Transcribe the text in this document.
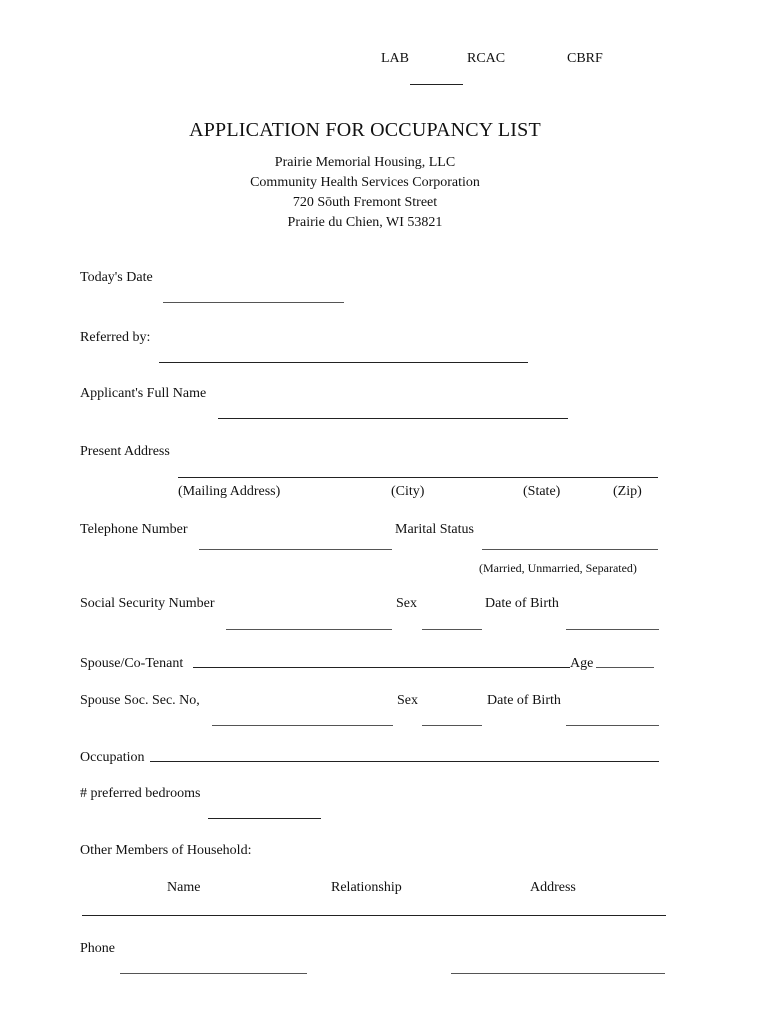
LAB	RCAC	CBRF
APPLICATION FOR OCCUPANCY LIST
Prairie Memorial Housing, LLC
Community Health Services Corporation
720 Sōuth Fremont Street
Prairie du Chien, WI 53821
Today's Date
Referred by:
Applicant's Full Name
Present Address
(Mailing Address)	(City)	(State)	(Zip)
Telephone Number	Marital Status
(Married, Unmarried, Separated)
Social Security Number	Sex	Date of Birth
Spouse/Co-Tenant	Age
Spouse Soc. Sec. No,	Sex	Date of Birth
Occupation
# preferred bedrooms
Other Members of Household:
Name	Relationship	Address
Phone
